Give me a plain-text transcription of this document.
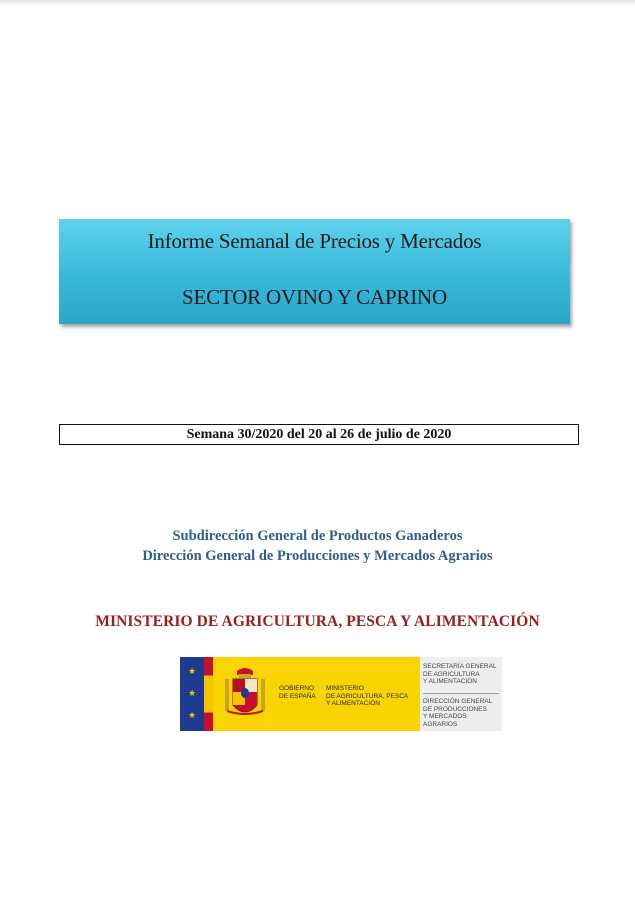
Informe Semanal de Precios y Mercados
SECTOR OVINO Y CAPRINO
Semana 30/2020 del 20 al 26 de julio de 2020
Subdirección General de Productos Ganaderos
Dirección General de Producciones y Mercados Agrarios
MINISTERIO DE AGRICULTURA, PESCA Y ALIMENTACIÓN
★
★
★
GOBIERNO
DE ESPAÑA
MINISTERIO
DE AGRICULTURA, PESCA
Y ALIMENTACIÓN
SECRETARÍA GENERAL
DE AGRICULTURA
Y ALIMENTACIÓN
DIRECCIÓN GENERAL
DE PRODUCCIONES
Y MERCADOS AGRARIOS
